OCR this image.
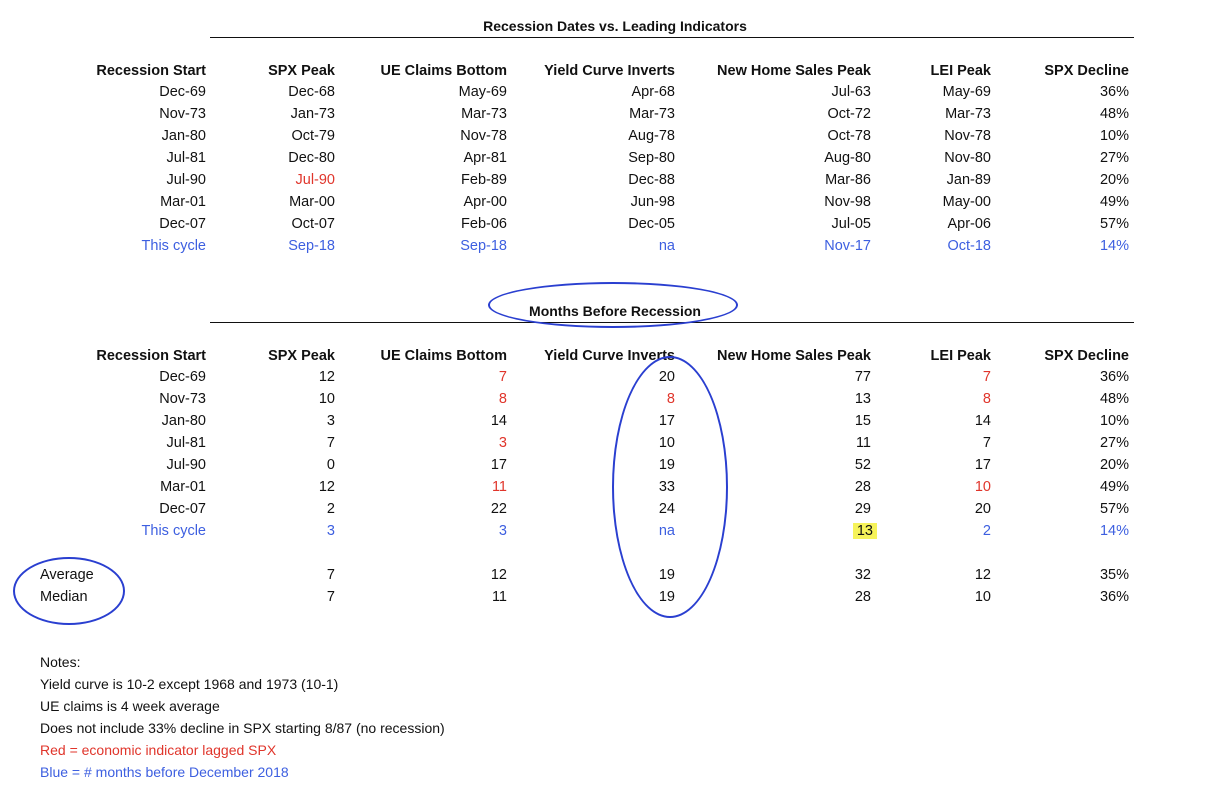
Recession Dates vs. Leading Indicators
Recession Start	SPX Peak	UE Claims Bottom	Yield Curve Inverts	New Home Sales Peak	LEI Peak	SPX Decline
Dec-69	Dec-68	May-69	Apr-68	Jul-63	May-69	36%
Nov-73	Jan-73	Mar-73	Mar-73	Oct-72	Mar-73	48%
Jan-80	Oct-79	Nov-78	Aug-78	Oct-78	Nov-78	10%
Jul-81	Dec-80	Apr-81	Sep-80	Aug-80	Nov-80	27%
Jul-90	Jul-90	Feb-89	Dec-88	Mar-86	Jan-89	20%
Mar-01	Mar-00	Apr-00	Jun-98	Nov-98	May-00	49%
Dec-07	Oct-07	Feb-06	Dec-05	Jul-05	Apr-06	57%
This cycle	Sep-18	Sep-18	na	Nov-17	Oct-18	14%
Months Before Recession
Recession Start	SPX Peak	UE Claims Bottom	Yield Curve Inverts	New Home Sales Peak	LEI Peak	SPX Decline
Dec-69	12	7	20	77	7	36%
Nov-73	10	8	8	13	8	48%
Jan-80	3	14	17	15	14	10%
Jul-81	7	3	10	11	7	27%
Jul-90	0	17	19	52	17	20%
Mar-01	12	11	33	28	10	49%
Dec-07	2	22	24	29	20	57%
This cycle	3	3	na	13	2	14%
Average	7	12	19	32	12	35%
Median	7	11	19	28	10	36%
Notes:
Yield curve is 10-2 except 1968 and 1973 (10-1)
UE claims is 4 week average
Does not include 33% decline in SPX starting 8/87 (no recession)
Red = economic indicator lagged SPX
Blue = # months before December 2018
